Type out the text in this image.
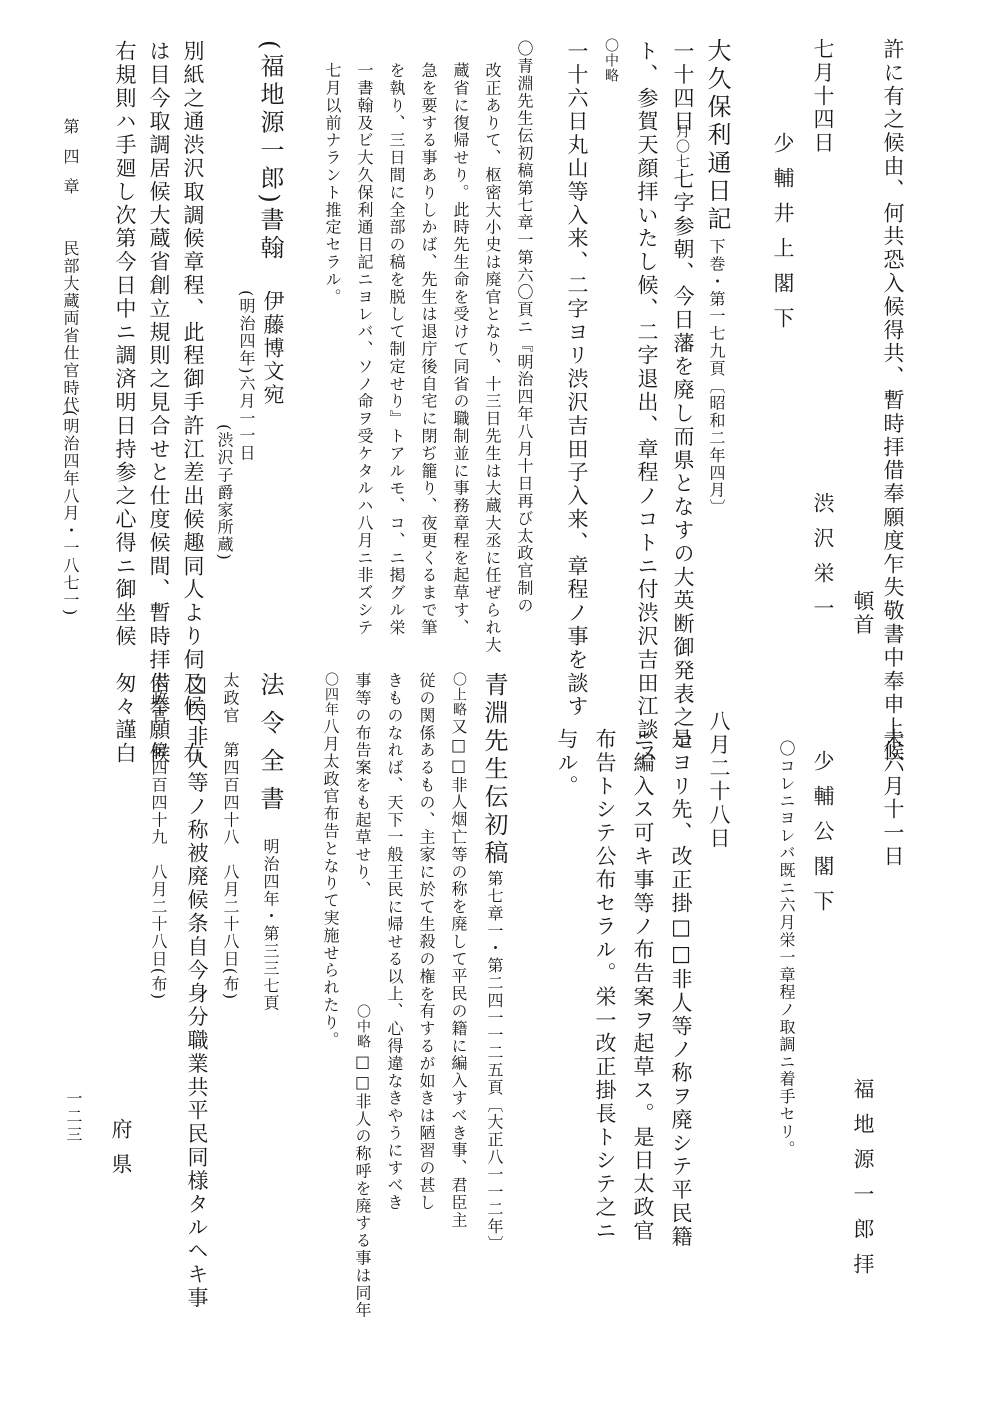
許に有之候由、何共恐入候得共、暫時拝借奉願度乍失敬書中奉申上候
頓首
七月十四日
渋沢栄一
少輔井上閣下
大久保利通日記
下巻・第一七九頁〔昭和二年四月〕
一十四日
月〇七
七字参朝、今日藩を廃し而県となすの大英断御発表之コ
ト、参賀天顔拝いたし候、二字退出、章程ノコトニ付渋沢吉田江談ス
〇中略
一十六日丸山等入来、二字ヨリ渋沢吉田子入来、章程ノ事を談す
〇青淵先生伝初稿第七章一第六〇頁ニ『明治四年八月十日再び太政官制の
改正ありて、枢密大小史は廃官となり、十三日先生は大蔵大丞に任ぜられ大
蔵省に復帰せり。此時先生命を受けて同省の職制並に事務章程を起草す、
急を要する事ありしかば、先生は退庁後自宅に閉ぢ籠り、夜更くるまで筆
を執り、三日間に全部の稿を脱して制定せり』トアルモ、コ、ニ掲グル栄
一書翰及ビ大久保利通日記ニヨレバ、ソノ命ヲ受ケタルハ八月ニ非ズシテ
七月以前ナラント推定セラル。
(福地源一郎)書翰
伊藤博文宛
(明治四年)六月一一日
(渋沢子爵家所蔵)
別紙之通渋沢取調候章程、此程御手許江差出候趣同人より伺及候、右
は目今取調居候大蔵省創立規則之見合せと仕度候間、暫時拝借奉願候
右規則ハ手廻し次第今日中ニ調済明日持参之心得ニ御坐候　匆々謹白
第四章
民部大蔵両省仕官時代
(明治四年八月・一八七一)
未六月十一日
福地源一郎拝
少輔公閣下
〇コレニヨレバ既ニ六月栄一章程ノ取調ニ着手セリ。
八月二十八日
是ヨリ先、改正掛□□非人等ノ称ヲ廃シテ平民籍
ニ編入ス可キ事等ノ布告案ヲ起草ス。是日太政官
布告トシテ公布セラル。栄一改正掛長トシテ之ニ
与ル。
青淵先生伝初稿
第七章一・第二四一一二五頁〔大正八一一二年〕
〇上略
又□□非人烟亡等の称を廃して平民の籍に編入すべき事、君臣主
従の関係あるもの、主家に於て生殺の権を有するが如きは陋習の甚し
きものなれば、天下一般王民に帰せる以上、心得違なきやうにすべき
事等の布告案をも起草せり、
〇中略
□□非人の称呼を廃する事は同年
〇四年
八月太政官布告となりて実施せられたり。
法令全書
明治四年・第三三七頁
太政官　第四百四十八　八月二十八日(布)
□□非人等ノ称被廃候条自今身分職業共平民同様タルヘキ事
太政官　第四百四十九　八月二十八日(布)
府県
一二三
